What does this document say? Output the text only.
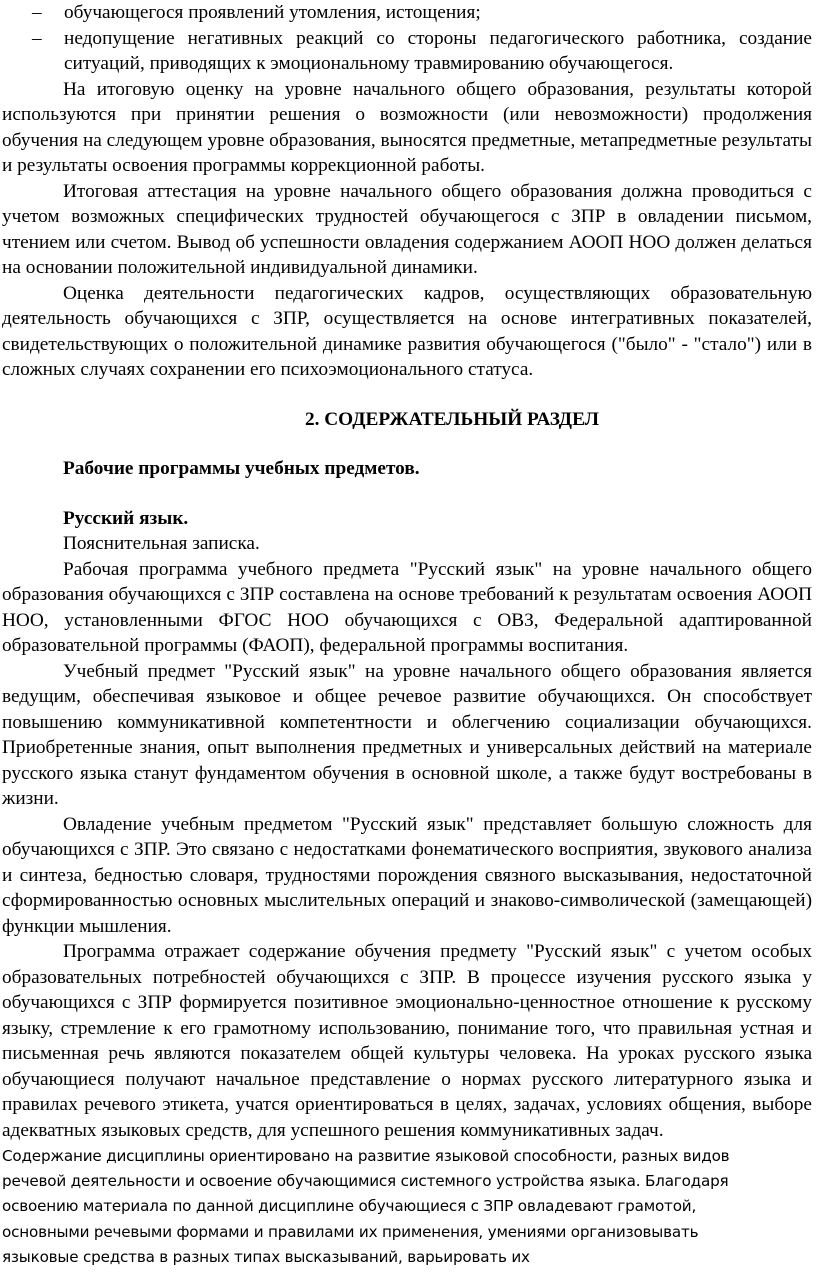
– обучающегося проявлений утомления, истощения;
– недопущение негативных реакций со стороны педагогического работника, создание ситуаций, приводящих к эмоциональному травмированию обучающегося.
На итоговую оценку на уровне начального общего образования, результаты которой используются при принятии решения о возможности (или невозможности) продолжения обучения на следующем уровне образования, выносятся предметные, метапредметные результаты и результаты освоения программы коррекционной работы.
Итоговая аттестация на уровне начального общего образования должна проводиться с учетом возможных специфических трудностей обучающегося с ЗПР в овладении письмом, чтением или счетом. Вывод об успешности овладения содержанием АООП НОО должен делаться на основании положительной индивидуальной динамики.
Оценка деятельности педагогических кадров, осуществляющих образовательную деятельность обучающихся с ЗПР, осуществляется на основе интегративных показателей, свидетельствующих о положительной динамике развития обучающегося ("было" - "стало") или в сложных случаях сохранении его психоэмоционального статуса.
2. СОДЕРЖАТЕЛЬНЫЙ РАЗДЕЛ
Рабочие программы учебных предметов.
Русский язык.
Пояснительная записка.
Рабочая программа учебного предмета "Русский язык" на уровне начального общего образования обучающихся с ЗПР составлена на основе требований к результатам освоения АООП НОО, установленными ФГОС НОО обучающихся с ОВЗ, Федеральной адаптированной образовательной программы (ФАОП), федеральной программы воспитания.
Учебный предмет "Русский язык" на уровне начального общего образования является ведущим, обеспечивая языковое и общее речевое развитие обучающихся. Он способствует повышению коммуникативной компетентности и облегчению социализации обучающихся. Приобретенные знания, опыт выполнения предметных и универсальных действий на материале русского языка станут фундаментом обучения в основной школе, а также будут востребованы в жизни.
Овладение учебным предметом "Русский язык" представляет большую сложность для обучающихся с ЗПР. Это связано с недостатками фонематического восприятия, звукового анализа и синтеза, бедностью словаря, трудностями порождения связного высказывания, недостаточной сформированностью основных мыслительных операций и знаково-символической (замещающей) функции мышления.
Программа отражает содержание обучения предмету "Русский язык" с учетом особых образовательных потребностей обучающихся с ЗПР. В процессе изучения русского языка у обучающихся с ЗПР формируется позитивное эмоционально-ценностное отношение к русскому языку, стремление к его грамотному использованию, понимание того, что правильная устная и письменная речь являются показателем общей культуры человека. На уроках русского языка обучающиеся получают начальное представление о нормах русского литературного языка и правилах речевого этикета, учатся ориентироваться в целях, задачах, условиях общения, выборе адекватных языковых средств, для успешного решения коммуникативных задач.
Содержание дисциплины ориентировано на развитие языковой способности, разных видов
речевой деятельности и освоение обучающимися системного устройства языка. Благодаря
освоению материала по данной дисциплине обучающиеся с ЗПР овладевают грамотой,
основными речевыми формами и правилами их применения, умениями организовывать
языковые средства в разных типах высказываний, варьировать их
